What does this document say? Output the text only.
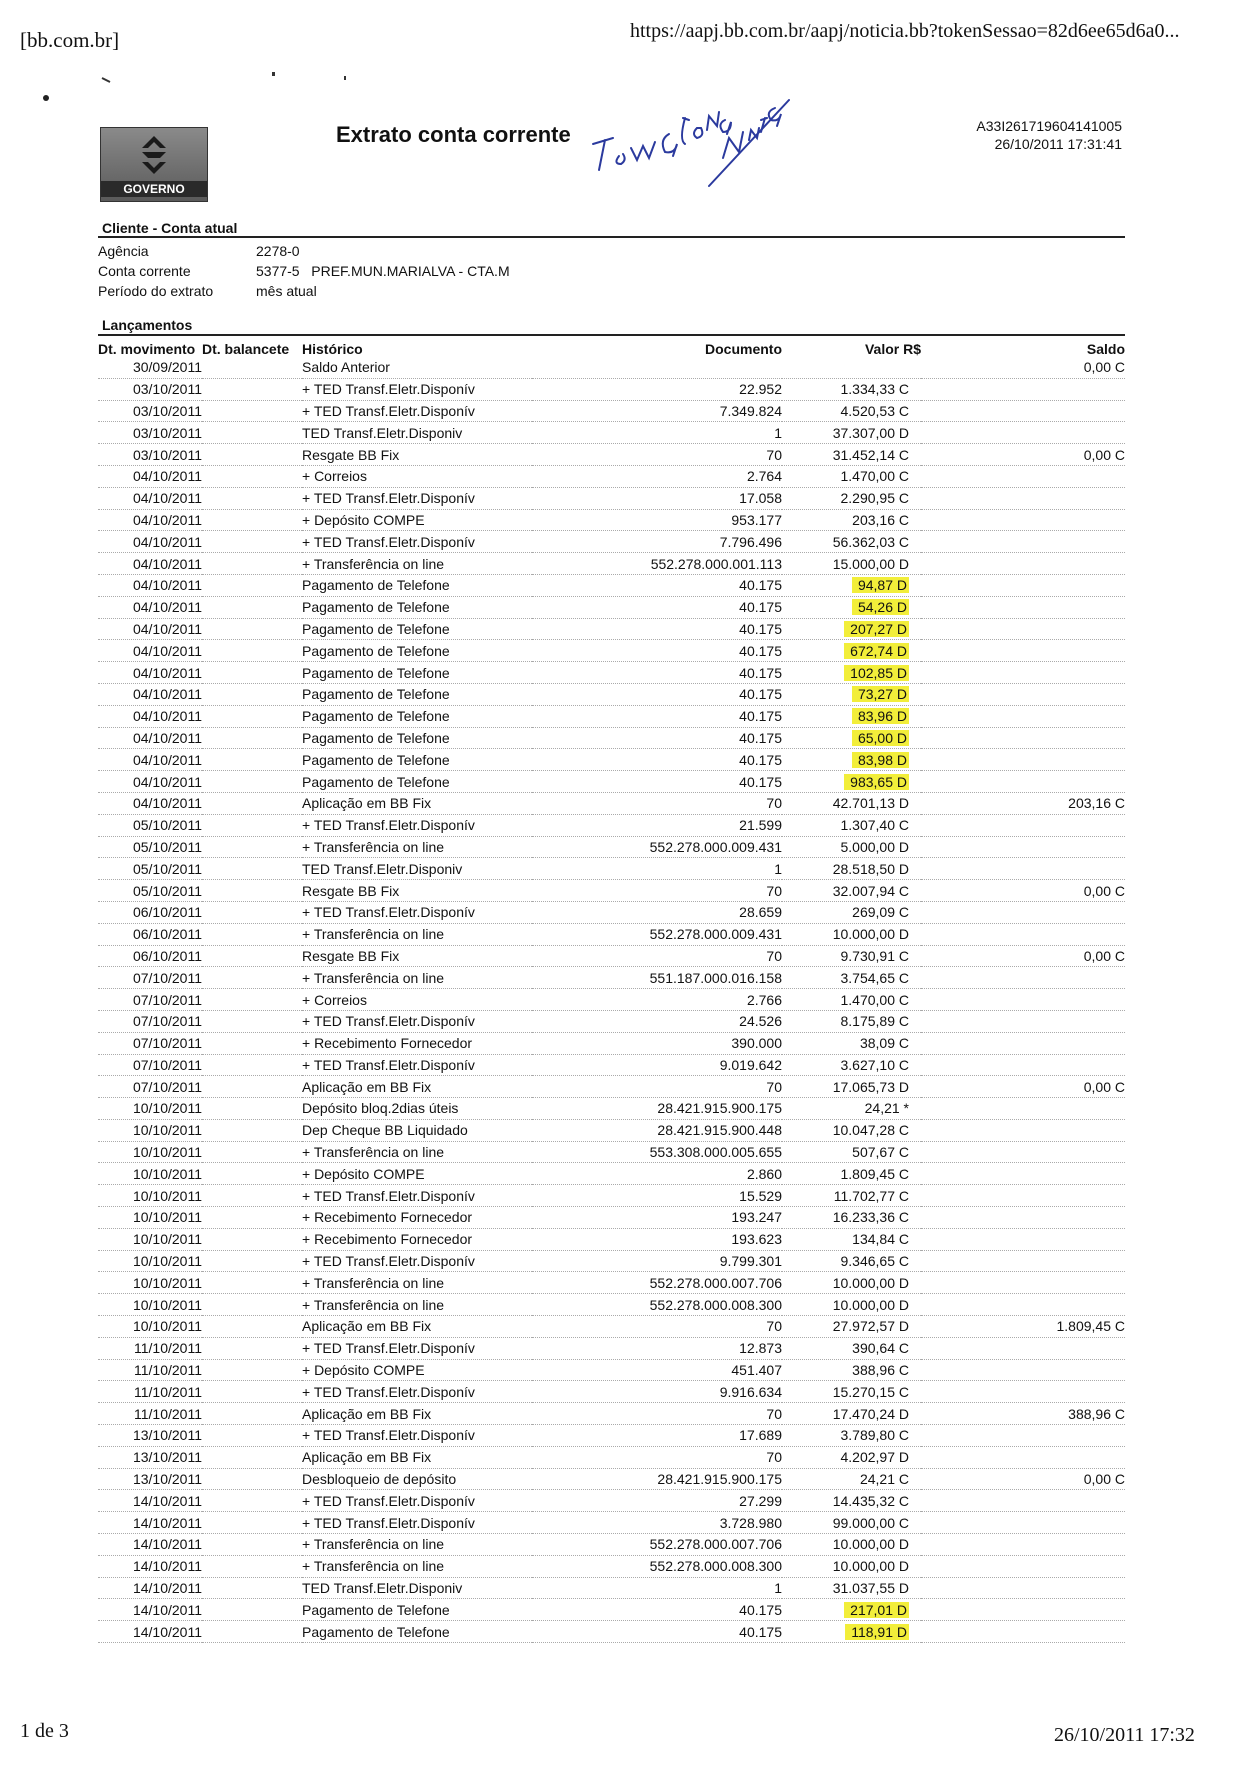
[bb.com.br]	https://aapj.bb.com.br/aapj/noticia.bb?tokenSessao=82d6ee65d6a0...
GOVERNO
Extrato conta corrente	A33I261719604141005
26/10/2011 17:31:41
Cliente - Conta atual
Agência	2278-0
Conta corrente	5377-5   PREF.MUN.MARIALVA - CTA.M
Período do extrato	mês atual
Lançamentos
Dt. movimento	Dt. balancete	Histórico	Documento	Valor R$	Saldo
30/09/2011		Saldo Anterior			0,00 C
03/10/2011		+ TED Transf.Eletr.Disponív	22.952	1.334,33 C	
03/10/2011		+ TED Transf.Eletr.Disponív	7.349.824	4.520,53 C	
03/10/2011		TED Transf.Eletr.Disponiv	1	37.307,00 D	
03/10/2011		Resgate BB Fix	70	31.452,14 C	0,00 C
04/10/2011		+ Correios	2.764	1.470,00 C	
04/10/2011		+ TED Transf.Eletr.Disponív	17.058	2.290,95 C	
04/10/2011		+ Depósito COMPE	953.177	203,16 C	
04/10/2011		+ TED Transf.Eletr.Disponív	7.796.496	56.362,03 C	
04/10/2011		+ Transferência on line	552.278.000.001.113	15.000,00 D	
04/10/2011		Pagamento de Telefone	40.175	94,87 D	
04/10/2011		Pagamento de Telefone	40.175	54,26 D	
04/10/2011		Pagamento de Telefone	40.175	207,27 D	
04/10/2011		Pagamento de Telefone	40.175	672,74 D	
04/10/2011		Pagamento de Telefone	40.175	102,85 D	
04/10/2011		Pagamento de Telefone	40.175	73,27 D	
04/10/2011		Pagamento de Telefone	40.175	83,96 D	
04/10/2011		Pagamento de Telefone	40.175	65,00 D	
04/10/2011		Pagamento de Telefone	40.175	83,98 D	
04/10/2011		Pagamento de Telefone	40.175	983,65 D	
04/10/2011		Aplicação em BB Fix	70	42.701,13 D	203,16 C
05/10/2011		+ TED Transf.Eletr.Disponív	21.599	1.307,40 C	
05/10/2011		+ Transferência on line	552.278.000.009.431	5.000,00 D	
05/10/2011		TED Transf.Eletr.Disponiv	1	28.518,50 D	
05/10/2011		Resgate BB Fix	70	32.007,94 C	0,00 C
06/10/2011		+ TED Transf.Eletr.Disponív	28.659	269,09 C	
06/10/2011		+ Transferência on line	552.278.000.009.431	10.000,00 D	
06/10/2011		Resgate BB Fix	70	9.730,91 C	0,00 C
07/10/2011		+ Transferência on line	551.187.000.016.158	3.754,65 C	
07/10/2011		+ Correios	2.766	1.470,00 C	
07/10/2011		+ TED Transf.Eletr.Disponív	24.526	8.175,89 C	
07/10/2011		+ Recebimento Fornecedor	390.000	38,09 C	
07/10/2011		+ TED Transf.Eletr.Disponív	9.019.642	3.627,10 C	
07/10/2011		Aplicação em BB Fix	70	17.065,73 D	0,00 C
10/10/2011		Depósito bloq.2dias úteis	28.421.915.900.175	24,21 *	
10/10/2011		Dep Cheque BB Liquidado	28.421.915.900.448	10.047,28 C	
10/10/2011		+ Transferência on line	553.308.000.005.655	507,67 C	
10/10/2011		+ Depósito COMPE	2.860	1.809,45 C	
10/10/2011		+ TED Transf.Eletr.Disponív	15.529	11.702,77 C	
10/10/2011		+ Recebimento Fornecedor	193.247	16.233,36 C	
10/10/2011		+ Recebimento Fornecedor	193.623	134,84 C	
10/10/2011		+ TED Transf.Eletr.Disponív	9.799.301	9.346,65 C	
10/10/2011		+ Transferência on line	552.278.000.007.706	10.000,00 D	
10/10/2011		+ Transferência on line	552.278.000.008.300	10.000,00 D	
10/10/2011		Aplicação em BB Fix	70	27.972,57 D	1.809,45 C
11/10/2011		+ TED Transf.Eletr.Disponív	12.873	390,64 C	
11/10/2011		+ Depósito COMPE	451.407	388,96 C	
11/10/2011		+ TED Transf.Eletr.Disponív	9.916.634	15.270,15 C	
11/10/2011		Aplicação em BB Fix	70	17.470,24 D	388,96 C
13/10/2011		+ TED Transf.Eletr.Disponív	17.689	3.789,80 C	
13/10/2011		Aplicação em BB Fix	70	4.202,97 D	
13/10/2011		Desbloqueio de depósito	28.421.915.900.175	24,21 C	0,00 C
14/10/2011		+ TED Transf.Eletr.Disponív	27.299	14.435,32 C	
14/10/2011		+ TED Transf.Eletr.Disponív	3.728.980	99.000,00 C	
14/10/2011		+ Transferência on line	552.278.000.007.706	10.000,00 D	
14/10/2011		+ Transferência on line	552.278.000.008.300	10.000,00 D	
14/10/2011		TED Transf.Eletr.Disponiv	1	31.037,55 D	
14/10/2011		Pagamento de Telefone	40.175	217,01 D	
14/10/2011		Pagamento de Telefone	40.175	118,91 D	
1 de 3	26/10/2011 17:32
